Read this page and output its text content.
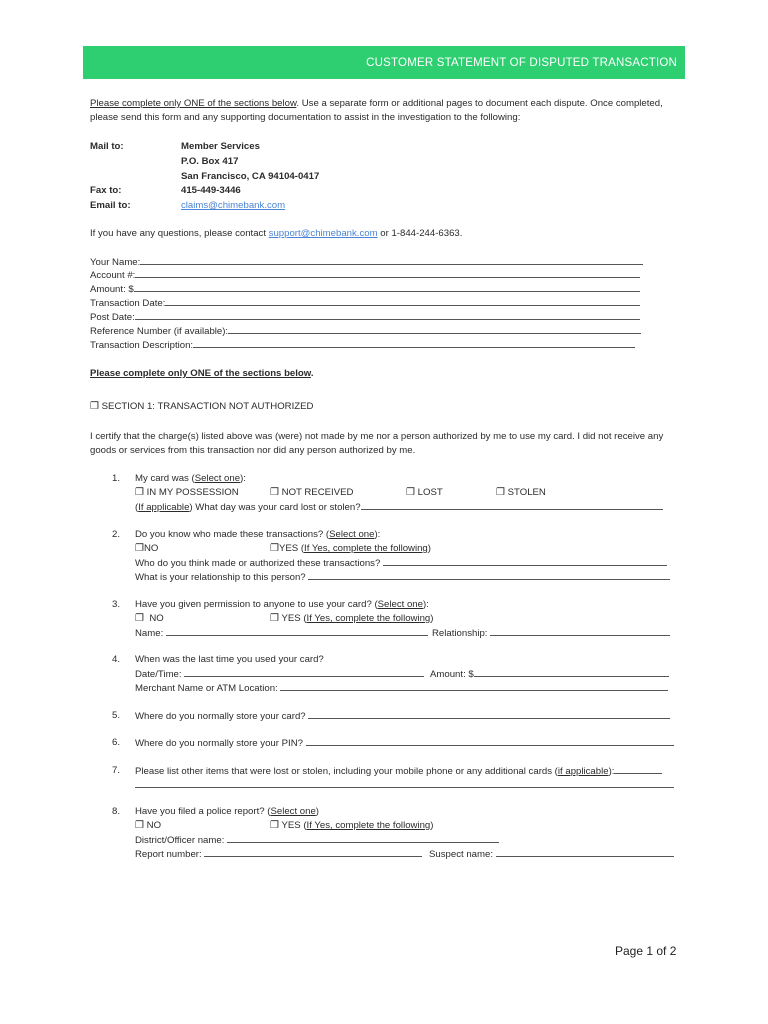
CUSTOMER STATEMENT OF DISPUTED TRANSACTION
Please complete only ONE of the sections below. Use a separate form or additional pages to document each dispute. Once completed, please send this form and any supporting documentation to assist in the investigation to the following:
Mail to:	Member Services
P.O. Box 417
San Francisco, CA 94104-0417
Fax to:	415-449-3446
Email to:	claims@chimebank.com
If you have any questions, please contact support@chimebank.com or 1-844-244-6363.
Your Name:
Account #:
Amount: $
Transaction Date:
Post Date:
Reference Number (if available):
Transaction Description:
Please complete only ONE of the sections below.
❐ SECTION 1: TRANSACTION NOT AUTHORIZED
I certify that the charge(s) listed above was (were) not made by me nor a person authorized by me to use my card. I did not receive any goods or services from this transaction nor did any person authorized by me.
1. My card was (Select one):
❐ IN MY POSSESSION	❐ NOT RECEIVED	❐ LOST	❐ STOLEN
(If applicable) What day was your card lost or stolen?
2. Do you know who made these transactions? (Select one):
❐NO	❐YES (If Yes, complete the following)
Who do you think made or authorized these transactions?
What is your relationship to this person?
3. Have you given permission to anyone to use your card? (Select one):
❐ NO	❐ YES (If Yes, complete the following)
Name:	Relationship:
4. When was the last time you used your card?
Date/Time:	Amount: $
Merchant Name or ATM Location:
5. Where do you normally store your card?
6. Where do you normally store your PIN?
7. Please list other items that were lost or stolen, including your mobile phone or any additional cards (if applicable):
8. Have you filed a police report? (Select one)
❐ NO	❐ YES (If Yes, complete the following)
District/Officer name:
Report number:	Suspect name:
Page 1 of 2
